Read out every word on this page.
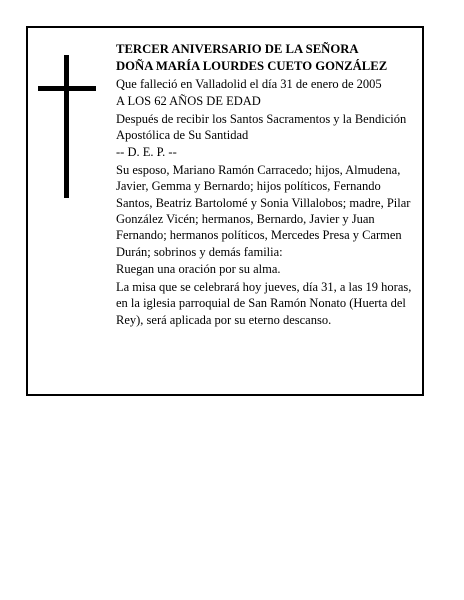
TERCER ANIVERSARIO DE LA SEÑORA

DOÑA MARÍA LOURDES CUETO GONZÁLEZ

Que falleció en Valladolid el día 31 de enero de 2005

A LOS 62 AÑOS DE EDAD

Después de recibir los Santos Sacramentos y la Bendición Apostólica de Su Santidad

-- D. E. P. --

Su esposo, Mariano Ramón Carracedo; hijos, Almudena, Javier, Gemma y Bernardo; hijos políticos, Fernando Santos, Beatriz Bartolomé y Sonia Villalobos; madre, Pilar González Vicén; hermanos, Bernardo, Javier y Juan Fernando; hermanos políticos, Mercedes Presa y Carmen Durán; sobrinos y demás familia:

Ruegan una oración por su alma.

La misa que se celebrará hoy jueves, día 31, a las 19 horas, en la iglesia parroquial de San Ramón Nonato (Huerta del Rey), será aplicada por su eterno descanso.
